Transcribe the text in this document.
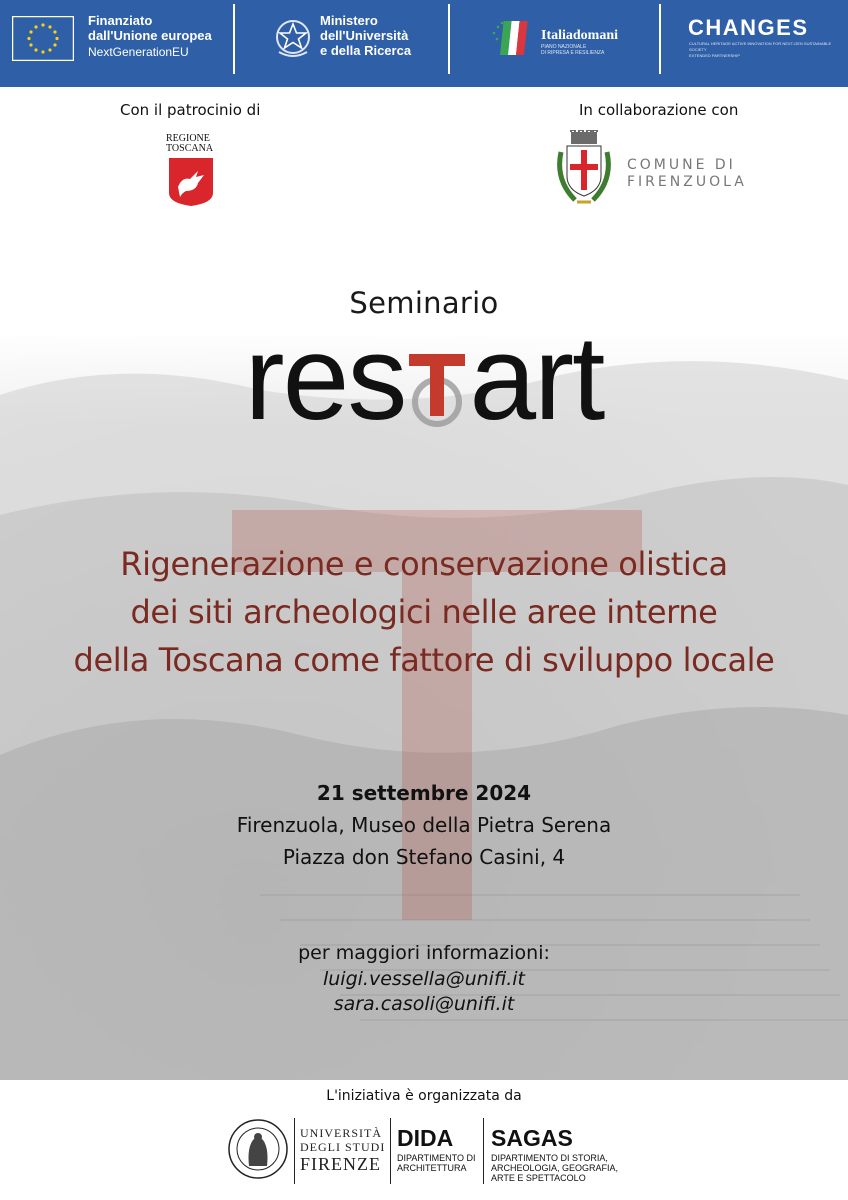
Finanziato
dall'Unione europea
NextGenerationEU
Ministero
dell'Università
e della Ricerca
Italiadomani
PIANO NAZIONALE
DI RIPRESA E RESILIENZA
CHANGES
CULTURAL HERITAGE ACTIVE INNOVATION FOR NEXT-GEN SUSTAINABLE SOCIETY
EXTENDED PARTNERSHIP
Con il patrocinio di	In collaborazione con
REGIONE
TOSCANA
COMUNE DI
FIRENZUOLA
Seminario
res art
Rigenerazione e conservazione olistica
dei siti archeologici nelle aree interne
della Toscana come fattore di sviluppo locale
21 settembre 2024
Firenzuola, Museo della Pietra Serena
Piazza don Stefano Casini, 4
per maggiori informazioni:
luigi.vessella@unifi.it
sara.casoli@unifi.it
L'iniziativa è organizzata da
UNIVERSITÀ
DEGLI STUDI
FIRENZE
DIDA
DIPARTIMENTO DI
ARCHITETTURA
SAGAS
DIPARTIMENTO DI STORIA,
ARCHEOLOGIA, GEOGRAFIA,
ARTE E SPETTACOLO
